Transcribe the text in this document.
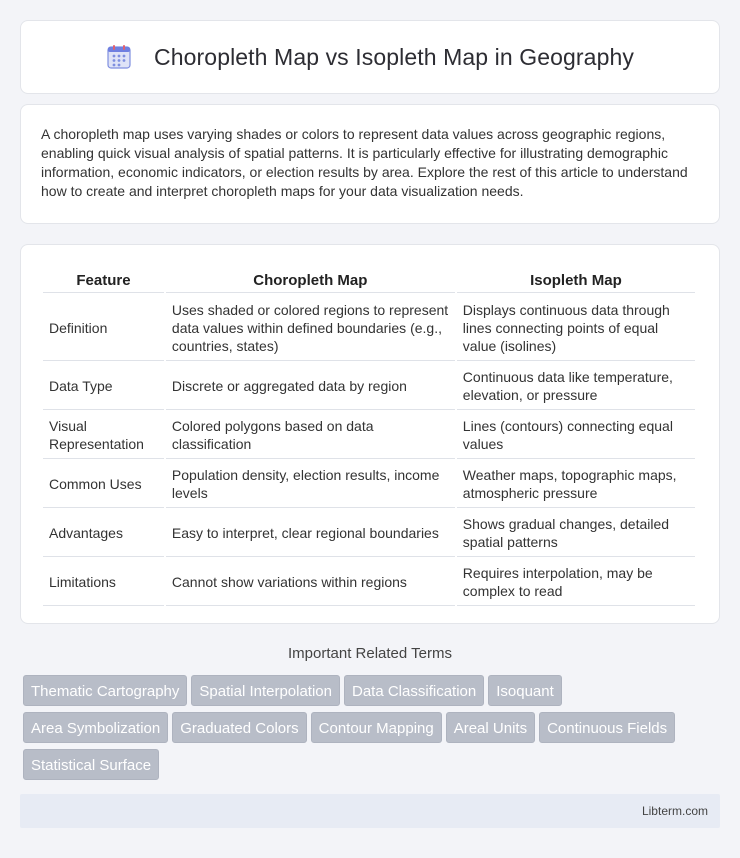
Choropleth Map vs Isopleth Map in Geography

A choropleth map uses varying shades or colors to represent data values across geographic regions, enabling quick visual analysis of spatial patterns. It is particularly effective for illustrating demographic information, economic indicators, or election results by area. Explore the rest of this article to understand how to create and interpret choropleth maps for your data visualization needs.

Feature	Choropleth Map	Isopleth Map
Definition	Uses shaded or colored regions to represent data values within defined boundaries (e.g., countries, states)	Displays continuous data through lines connecting points of equal value (isolines)
Data Type	Discrete or aggregated data by region	Continuous data like temperature, elevation, or pressure
Visual Representation	Colored polygons based on data classification	Lines (contours) connecting equal values
Common Uses	Population density, election results, income levels	Weather maps, topographic maps, atmospheric pressure
Advantages	Easy to interpret, clear regional boundaries	Shows gradual changes, detailed spatial patterns
Limitations	Cannot show variations within regions	Requires interpolation, may be complex to read
Important Related Terms
Thematic Cartography Spatial Interpolation Data Classification Isoquant
Area Symbolization Graduated Colors Contour Mapping Areal Units Continuous Fields
Statistical Surface
Libterm.com
